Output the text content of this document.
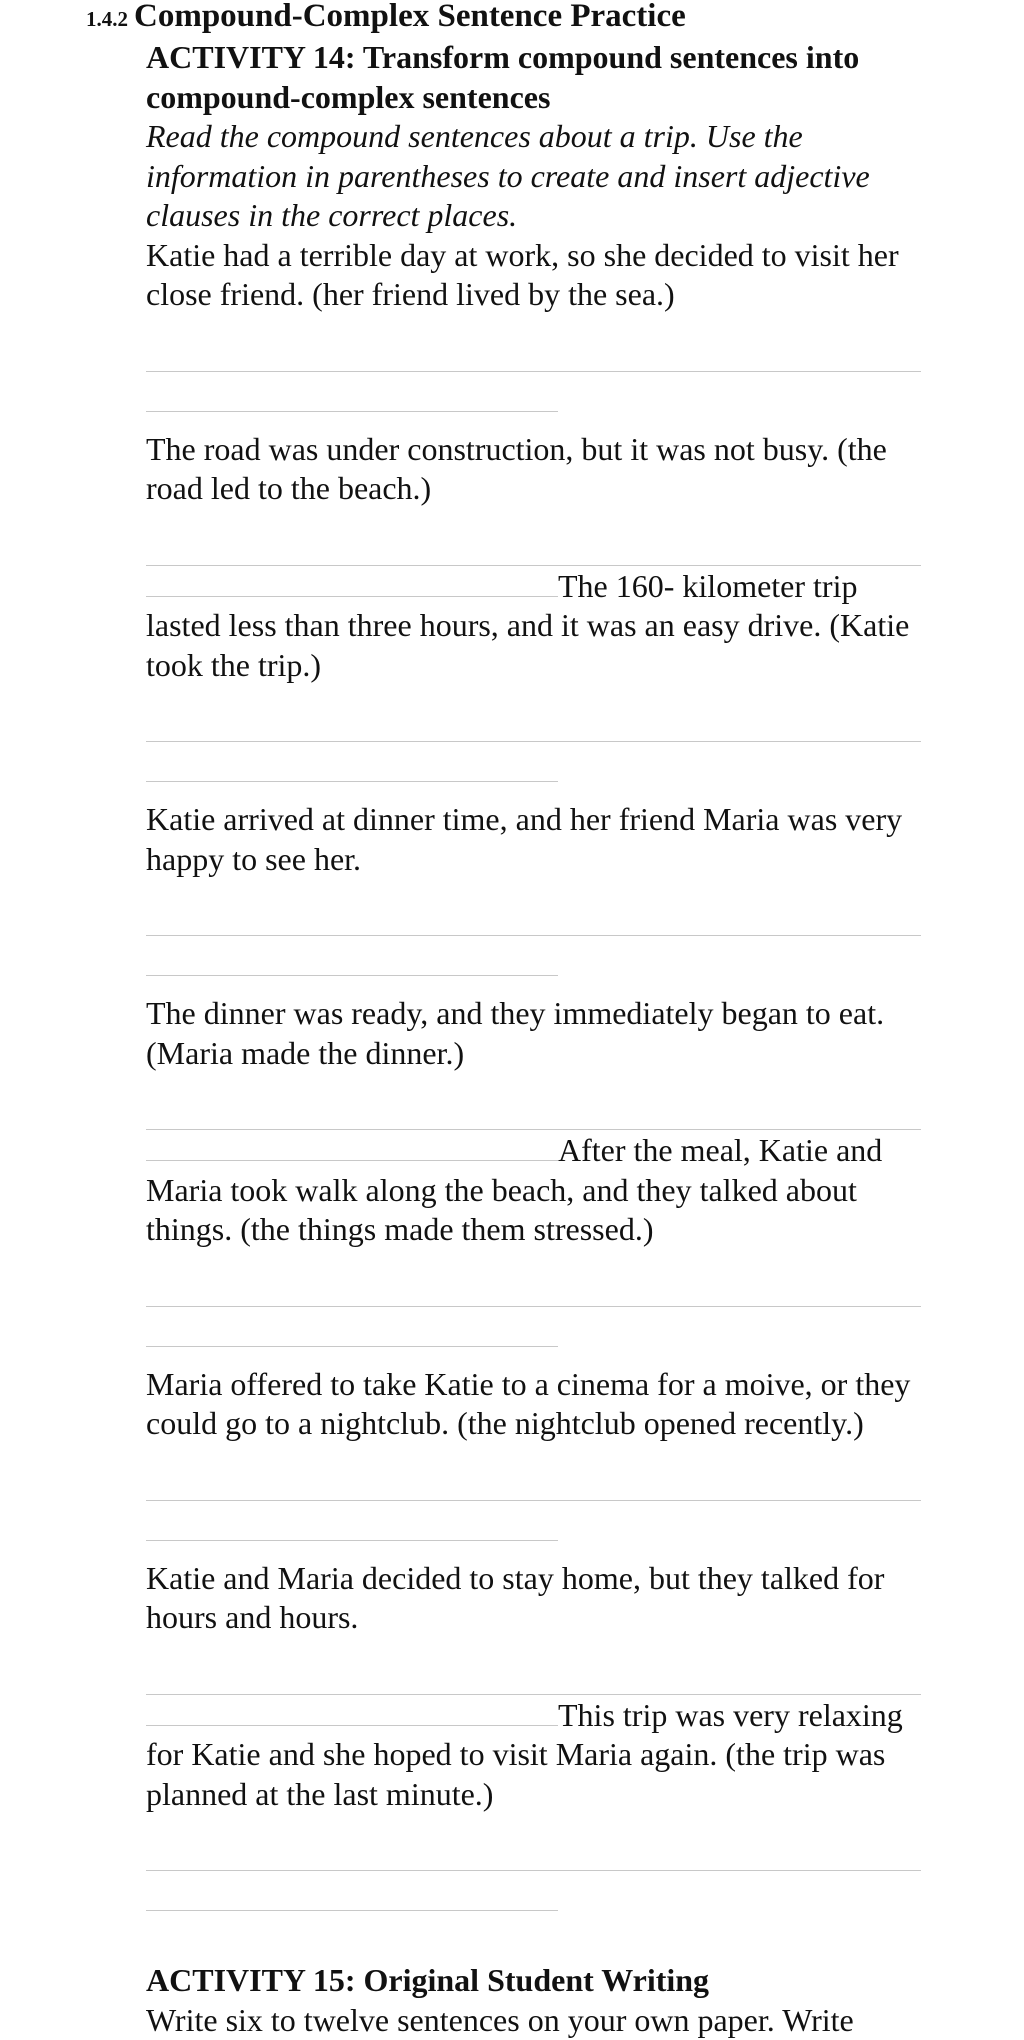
1.4.2 Compound-Complex Sentence Practice
ACTIVITY 14: Transform compound sentences into compound-complex sentences
Read the compound sentences about a trip. Use the information in parentheses to create and insert adjective clauses in the correct places.
Katie had a terrible day at work, so she decided to visit her close friend. (her friend lived by the sea.)
The road was under construction, but it was not busy. (the road led to the beach.)
The 160- kilometer trip lasted less than three hours, and it was an easy drive. (Katie took the trip.)
Katie arrived at dinner time, and her friend Maria was very happy to see her.
The dinner was ready, and they immediately began to eat. (Maria made the dinner.)
After the meal, Katie and Maria took walk along the beach, and they talked about things. (the things made them stressed.)
Maria offered to take Katie to a cinema for a moive, or they could go to a nightclub. (the nightclub opened recently.)
Katie and Maria decided to stay home, but they talked for hours and hours.
This trip was very relaxing for Katie and she hoped to visit Maria again. (the trip was planned at the last minute.)
ACTIVITY 15: Original Student Writing
Write six to twelve sentences on your own paper. Write
